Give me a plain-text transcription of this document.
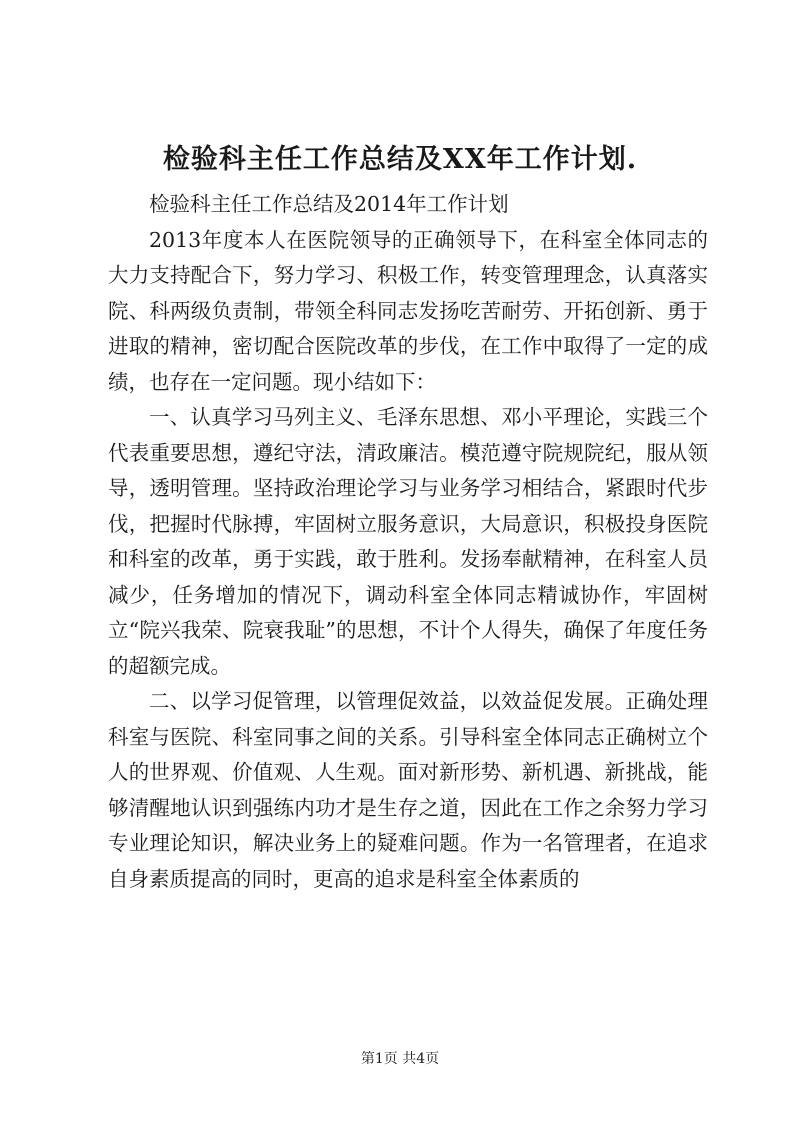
检验科主任工作总结及XX年工作计划.

检验科主任工作总结及2014年工作计划

2013年度本人在医院领导的正确领导下，在科室全体同志的大力支持配合下，努力学习、积极工作，转变管理理念，认真落实院、科两级负责制，带领全科同志发扬吃苦耐劳、开拓创新、勇于进取的精神，密切配合医院改革的步伐，在工作中取得了一定的成绩，也存在一定问题。现小结如下：

一、认真学习马列主义、毛泽东思想、邓小平理论，实践三个代表重要思想，遵纪守法，清政廉洁。模范遵守院规院纪，服从领导，透明管理。坚持政治理论学习与业务学习相结合，紧跟时代步伐，把握时代脉搏，牢固树立服务意识，大局意识，积极投身医院和科室的改革，勇于实践，敢于胜利。发扬奉献精神，在科室人员减少，任务增加的情况下，调动科室全体同志精诚协作，牢固树立“院兴我荣、院衰我耻”的思想，不计个人得失，确保了年度任务的超额完成。

二、以学习促管理，以管理促效益，以效益促发展。正确处理科室与医院、科室同事之间的关系。引导科室全体同志正确树立个人的世界观、价值观、人生观。面对新形势、新机遇、新挑战，能够清醒地认识到强练内功才是生存之道，因此在工作之余努力学习专业理论知识，解决业务上的疑难问题。作为一名管理者，在追求自身素质提高的同时，更高的追求是科室全体素质的

第1页 共4页
